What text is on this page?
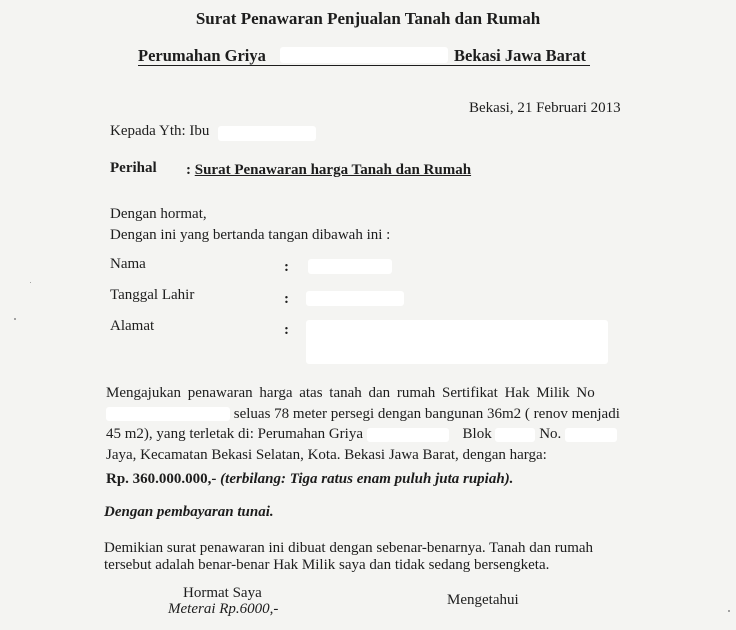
Surat Penawaran Penjualan Tanah dan Rumah
Perumahan Griya	Bekasi Jawa Barat
Bekasi, 21 Februari 2013
Kepada Yth: Ibu
Perihal : Surat Penawaran harga Tanah dan Rumah
Dengan hormat,
Dengan ini yang bertanda tangan dibawah ini :
Nama	:
Tanggal Lahir	:
Alamat	:
Mengajukan penawaran harga atas tanah dan rumah Sertifikat Hak Milik No
seluas 78 meter persegi dengan bangunan 36m2 ( renov menjadi
45 m2), yang terletak di: Perumahan Griya	Blok	No.
Jaya, Kecamatan Bekasi Selatan, Kota. Bekasi Jawa Barat, dengan harga:
Rp. 360.000.000,- (terbilang: Tiga ratus enam puluh juta rupiah).
Dengan pembayaran tunai.
Demikian surat penawaran ini dibuat dengan sebenar-benarnya. Tanah dan rumah
tersebut adalah benar-benar Hak Milik saya dan tidak sedang bersengketa.
Hormat Saya
Meterai Rp.6000,-
Mengetahui
